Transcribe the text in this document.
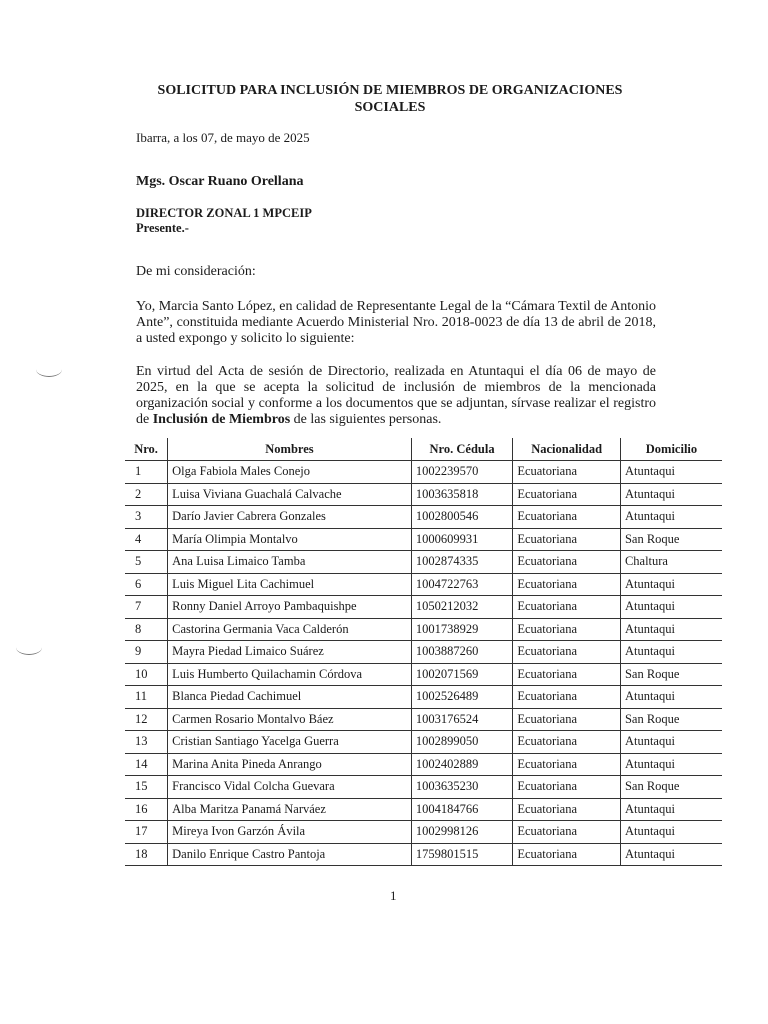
SOLICITUD PARA INCLUSIÓN DE MIEMBROS DE ORGANIZACIONES
SOCIALES
Ibarra, a los 07, de mayo de 2025
Mgs. Oscar Ruano Orellana
DIRECTOR ZONAL 1 MPCEIP
Presente.-
De mi consideración:
Yo, Marcia Santo López, en calidad de Representante Legal de la “Cámara Textil de Antonio Ante”, constituida mediante Acuerdo Ministerial Nro. 2018-0023 de día 13 de abril de 2018, a usted expongo y solicito lo siguiente:
En virtud del Acta de sesión de Directorio, realizada en Atuntaqui el día 06 de mayo de 2025, en la que se acepta la solicitud de inclusión de miembros de la mencionada organización social y conforme a los documentos que se adjuntan, sírvase realizar el registro de Inclusión de Miembros de las siguientes personas.
Nro.	Nombres	Nro. Cédula	Nacionalidad	Domicilio
1	Olga Fabiola Males Conejo	1002239570	Ecuatoriana	Atuntaqui
2	Luisa Viviana Guachalá Calvache	1003635818	Ecuatoriana	Atuntaqui
3	Darío Javier Cabrera Gonzales	1002800546	Ecuatoriana	Atuntaqui
4	María Olimpia Montalvo	1000609931	Ecuatoriana	San Roque
5	Ana Luisa Limaico Tamba	1002874335	Ecuatoriana	Chaltura
6	Luis Miguel Lita Cachimuel	1004722763	Ecuatoriana	Atuntaqui
7	Ronny Daniel Arroyo Pambaquishpe	1050212032	Ecuatoriana	Atuntaqui
8	Castorina Germania Vaca Calderón	1001738929	Ecuatoriana	Atuntaqui
9	Mayra Piedad Limaico Suárez	1003887260	Ecuatoriana	Atuntaqui
10	Luis Humberto Quilachamin Córdova	1002071569	Ecuatoriana	San Roque
11	Blanca Piedad Cachimuel	1002526489	Ecuatoriana	Atuntaqui
12	Carmen Rosario Montalvo Báez	1003176524	Ecuatoriana	San Roque
13	Cristian Santiago Yacelga Guerra	1002899050	Ecuatoriana	Atuntaqui
14	Marina Anita Pineda Anrango	1002402889	Ecuatoriana	Atuntaqui
15	Francisco Vidal Colcha Guevara	1003635230	Ecuatoriana	San Roque
16	Alba Maritza Panamá Narváez	1004184766	Ecuatoriana	Atuntaqui
17	Mireya Ivon Garzón Ávila	1002998126	Ecuatoriana	Atuntaqui
18	Danilo Enrique Castro Pantoja	1759801515	Ecuatoriana	Atuntaqui
1
